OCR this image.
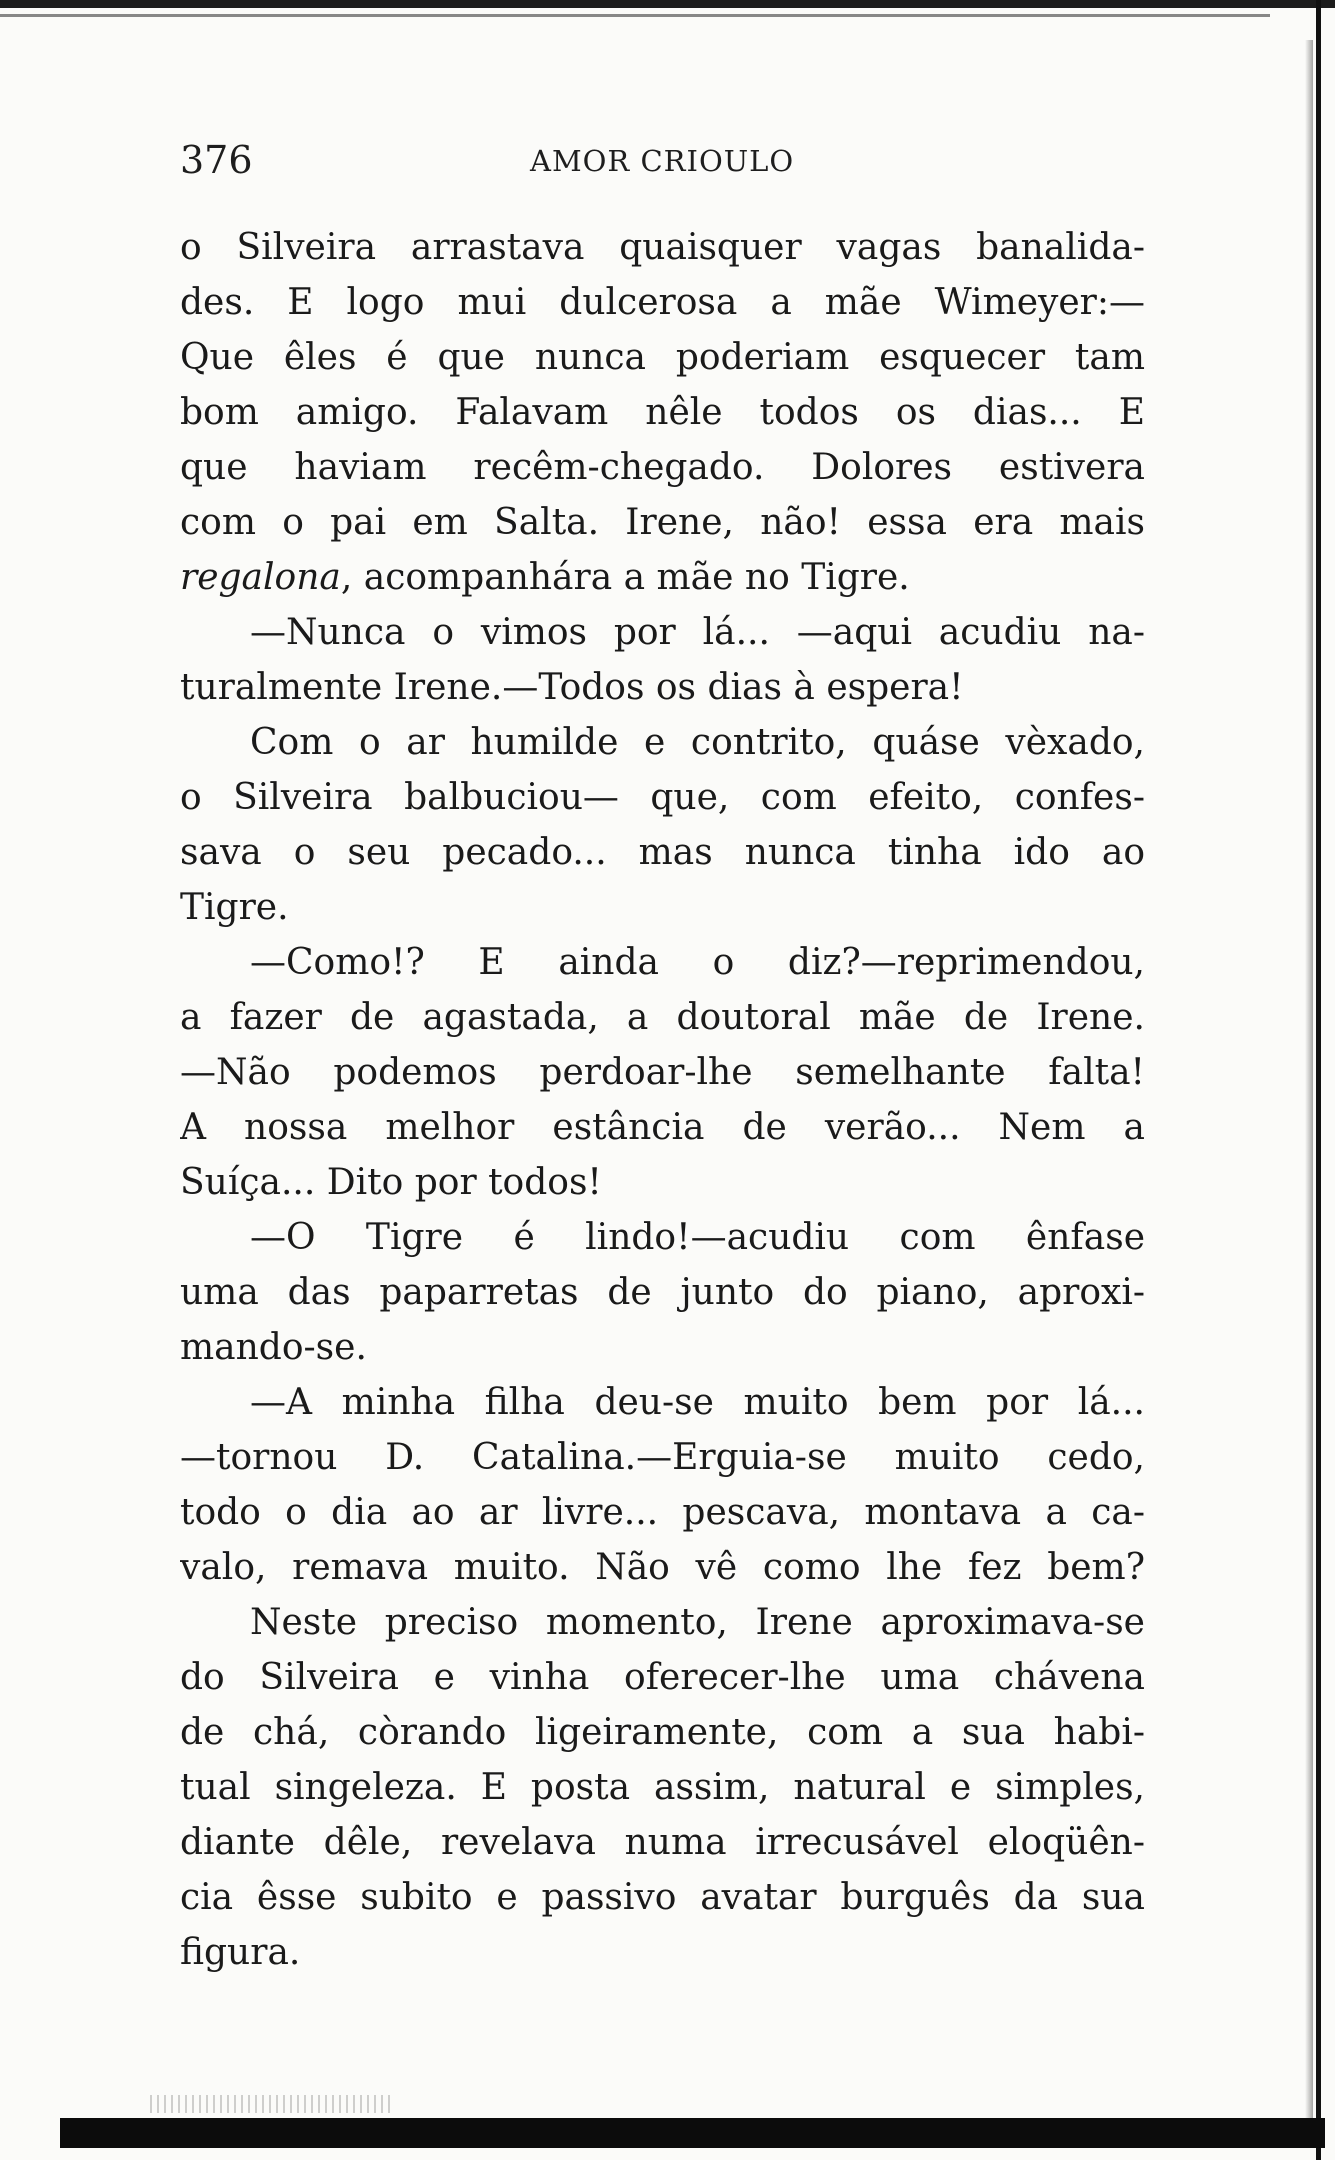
376	AMOR CRIOULO
o Silveira arrastava quaisquer vagas banalida-
des. E logo mui dulcerosa a mãe Wimeyer:—
Que êles é que nunca poderiam esquecer tam
bom amigo. Falavam nêle todos os dias... E
que haviam recêm-chegado. Dolores estivera
com o pai em Salta. Irene, não! essa era mais
regalona, acompanhára a mãe no Tigre.
—Nunca o vimos por lá... —aqui acudiu na-
turalmente Irene.—Todos os dias à espera!
Com o ar humilde e contrito, quáse vèxado,
o Silveira balbuciou— que, com efeito, confes-
sava o seu pecado... mas nunca tinha ido ao
Tigre.
—Como!? E ainda o diz?—reprimendou,
a fazer de agastada, a doutoral mãe de Irene.
—Não podemos perdoar-lhe semelhante falta!
A nossa melhor estância de verão... Nem a
Suíça... Dito por todos!
—O Tigre é lindo!—acudiu com ênfase
uma das paparretas de junto do piano, aproxi-
mando-se.
—A minha filha deu-se muito bem por lá...
—tornou D. Catalina.—Erguia-se muito cedo,
todo o dia ao ar livre... pescava, montava a ca-
valo, remava muito. Não vê como lhe fez bem?
Neste preciso momento, Irene aproximava-se
do Silveira e vinha oferecer-lhe uma chávena
de chá, còrando ligeiramente, com a sua habi-
tual singeleza. E posta assim, natural e simples,
diante dêle, revelava numa irrecusável eloqüên-
cia êsse subito e passivo avatar burguês da sua
figura.
